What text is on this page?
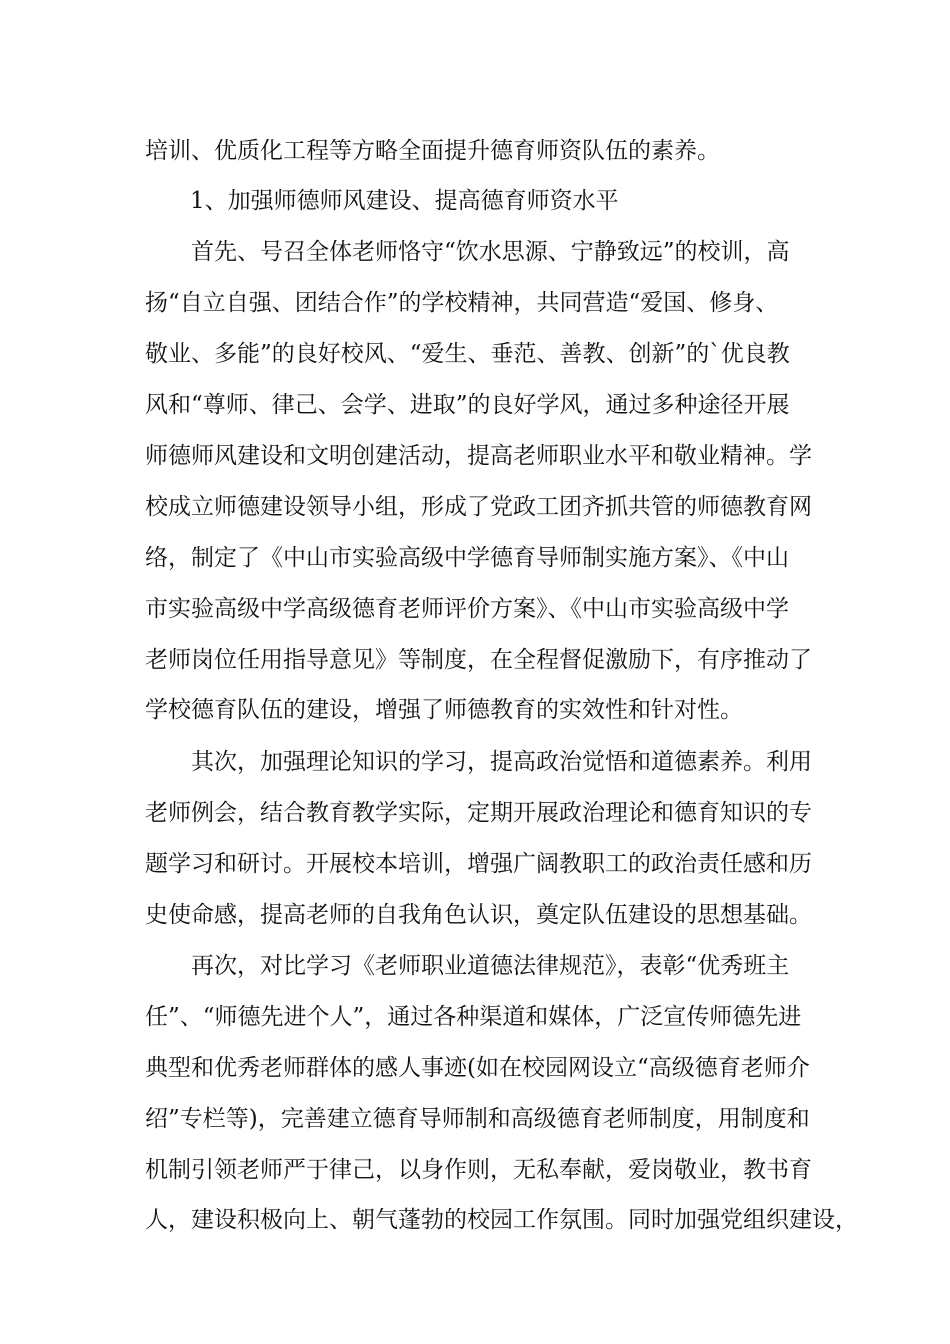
培训、优质化工程等方略全面提升德育师资队伍的素养。
1、加强师德师风建设、提高德育师资水平
首先、号召全体老师恪守“饮水思源、宁静致远”的校训，高
扬“自立自强、团结合作”的学校精神，共同营造“爱国、修身、
敬业、多能”的良好校风、“爱生、垂范、善教、创新”的`优良教
风和“尊师、律己、会学、进取”的良好学风，通过多种途径开展
师德师风建设和文明创建活动，提高老师职业水平和敬业精神。学
校成立师德建设领导小组，形成了党政工团齐抓共管的师德教育网
络，制定了《中山市实验高级中学德育导师制实施方案》、《中山
市实验高级中学高级德育老师评价方案》、《中山市实验高级中学
老师岗位任用指导意见》等制度，在全程督促激励下，有序推动了
学校德育队伍的建设，增强了师德教育的实效性和针对性。
其次，加强理论知识的学习，提高政治觉悟和道德素养。利用
老师例会，结合教育教学实际，定期开展政治理论和德育知识的专
题学习和研讨。开展校本培训，增强广阔教职工的政治责任感和历
史使命感，提高老师的自我角色认识，奠定队伍建设的思想基础。
再次，对比学习《老师职业道德法律规范》，表彰“优秀班主
任”、“师德先进个人”，通过各种渠道和媒体，广泛宣传师德先进
典型和优秀老师群体的感人事迹(如在校园网设立“高级德育老师介
绍”专栏等)，完善建立德育导师制和高级德育老师制度，用制度和
机制引领老师严于律己，以身作则，无私奉献，爱岗敬业，教书育
人，建设积极向上、朝气蓬勃的校园工作氛围。同时加强党组织建设，
